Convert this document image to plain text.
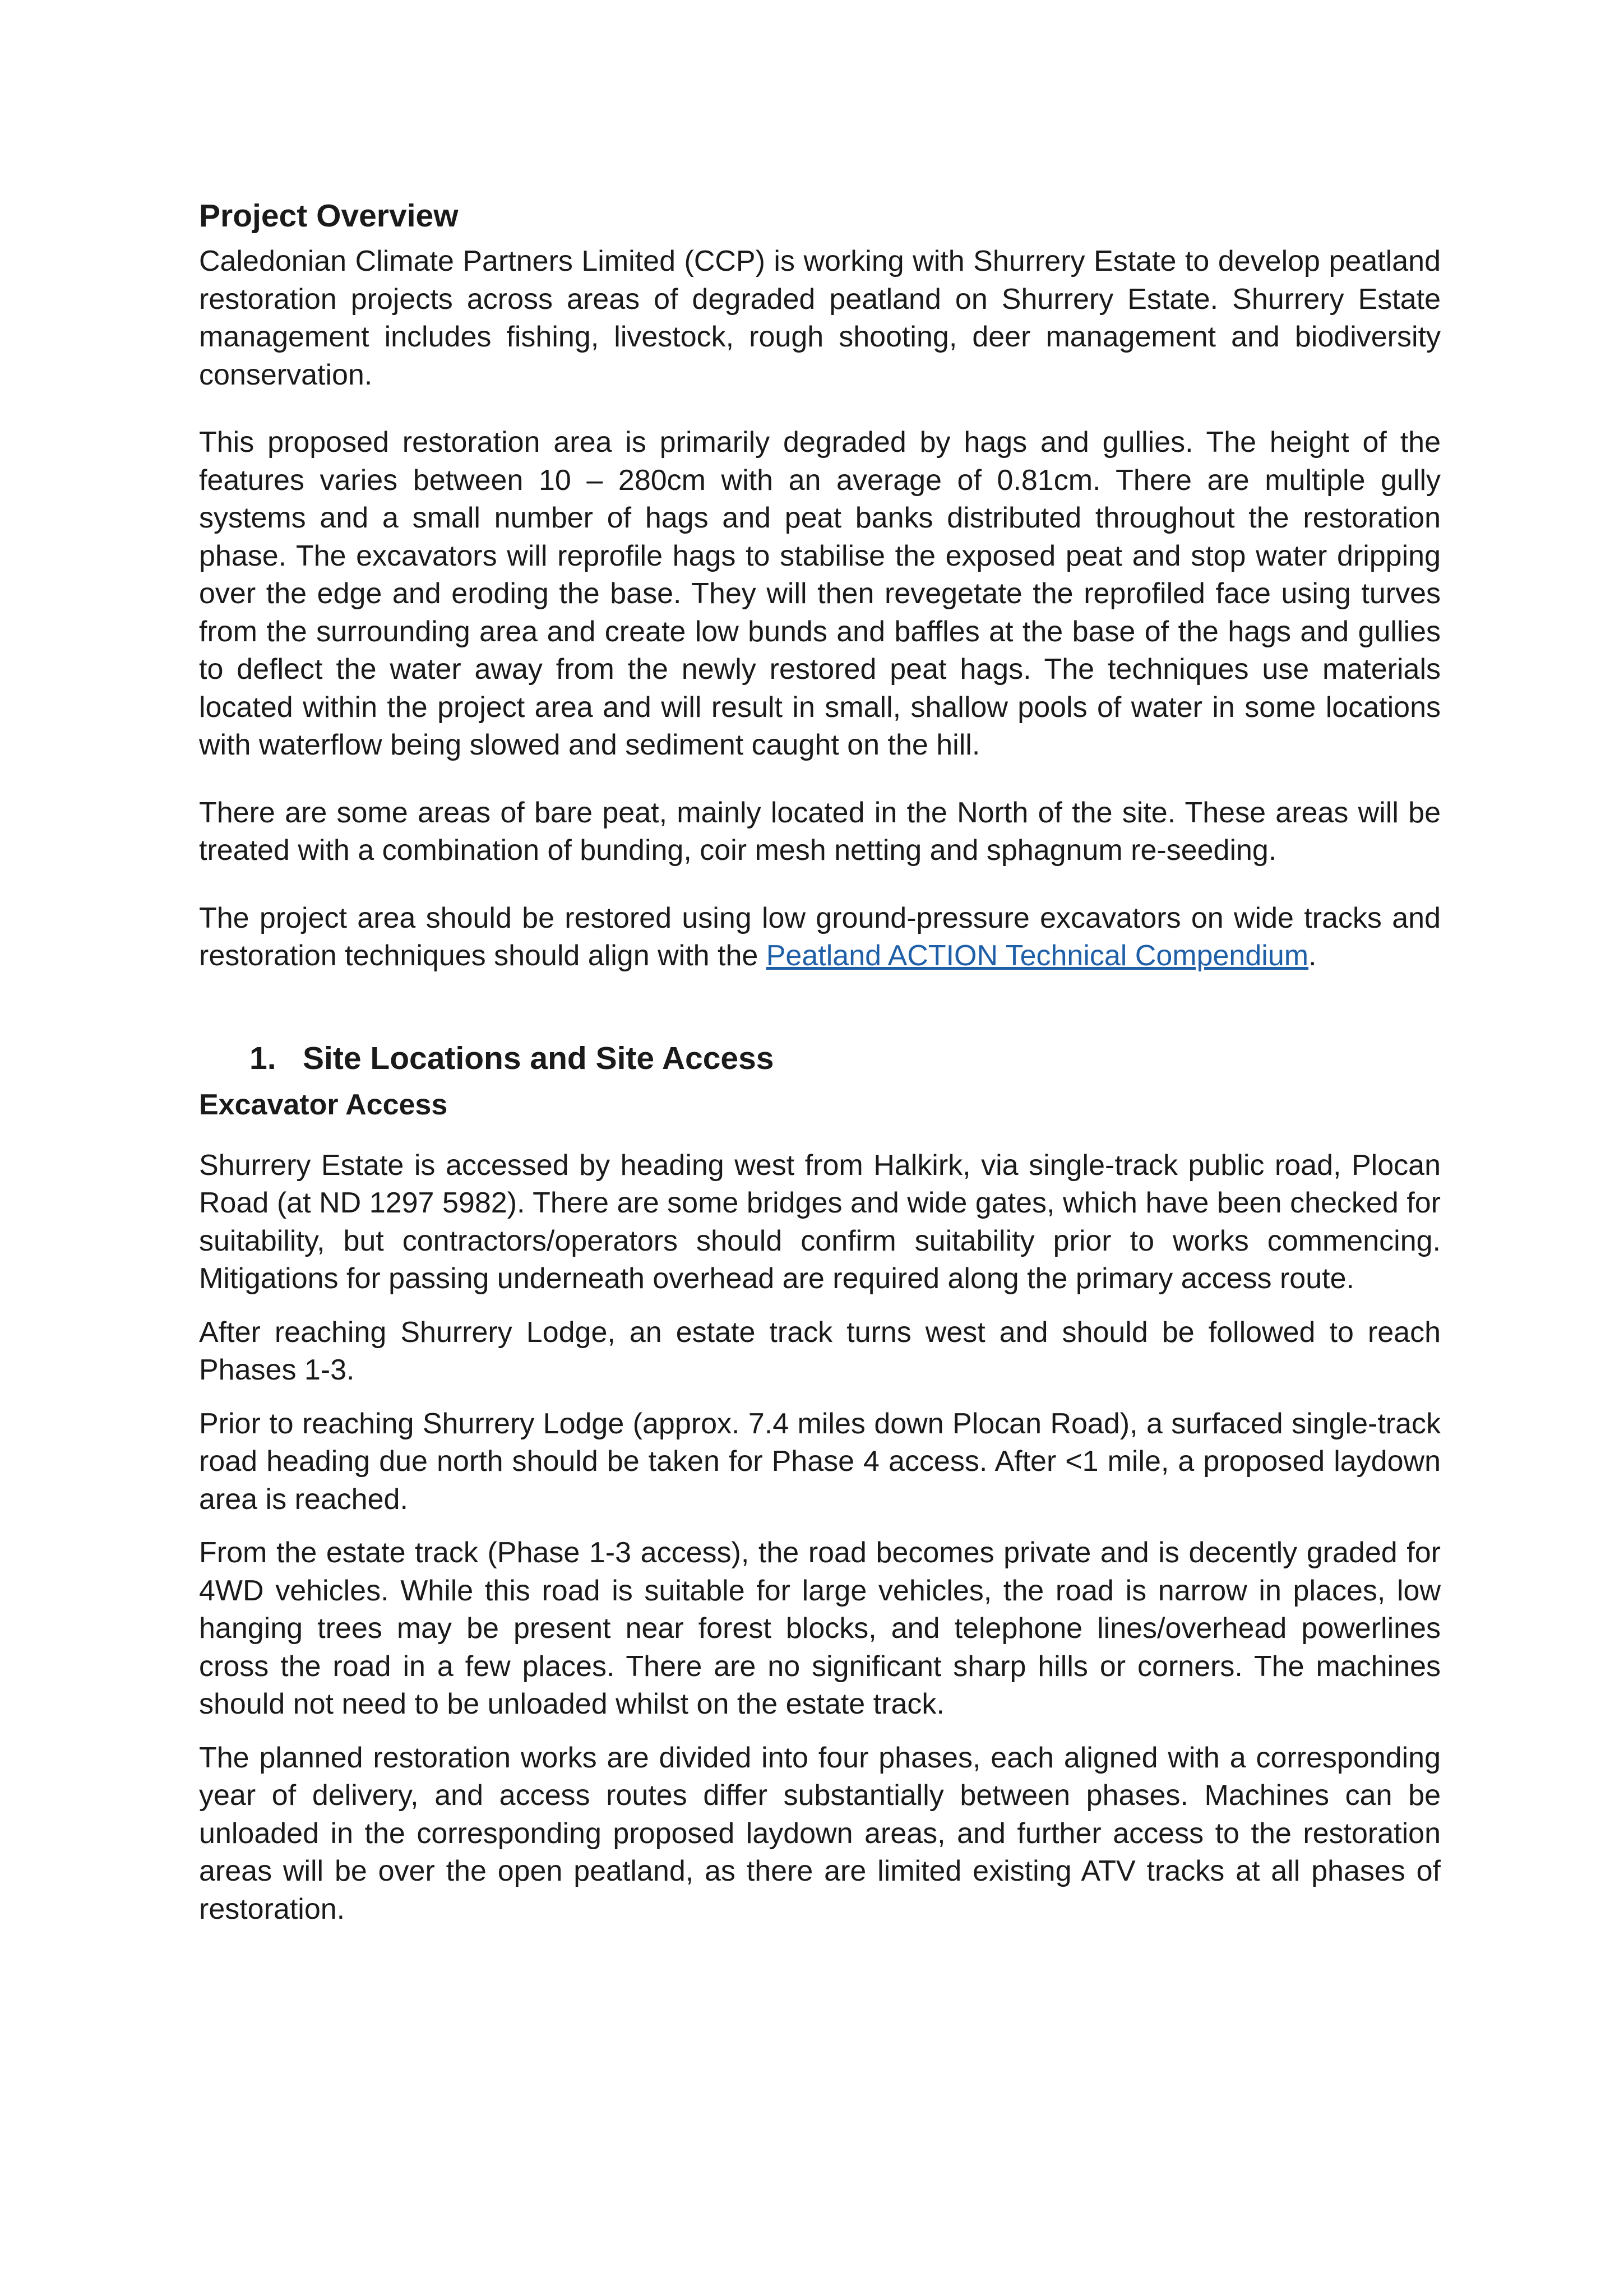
Project Overview

Caledonian Climate Partners Limited (CCP) is working with Shurrery Estate to develop peatland restoration projects across areas of degraded peatland on Shurrery Estate. Shurrery Estate management includes fishing, livestock, rough shooting, deer management and biodiversity conservation.

This proposed restoration area is primarily degraded by hags and gullies. The height of the features varies between 10 – 280cm with an average of 0.81cm. There are multiple gully systems and a small number of hags and peat banks distributed throughout the restoration phase. The excavators will reprofile hags to stabilise the exposed peat and stop water dripping over the edge and eroding the base. They will then revegetate the reprofiled face using turves from the surrounding area and create low bunds and baffles at the base of the hags and gullies to deflect the water away from the newly restored peat hags. The techniques use materials located within the project area and will result in small, shallow pools of water in some locations with waterflow being slowed and sediment caught on the hill.

There are some areas of bare peat, mainly located in the North of the site. These areas will be treated with a combination of bunding, coir mesh netting and sphagnum re-seeding.

The project area should be restored using low ground-pressure excavators on wide tracks and restoration techniques should align with the Peatland ACTION Technical Compendium.

1. Site Locations and Site Access
Excavator Access

Shurrery Estate is accessed by heading west from Halkirk, via single-track public road, Plocan Road (at ND 1297 5982). There are some bridges and wide gates, which have been checked for suitability, but contractors/operators should confirm suitability prior to works commencing. Mitigations for passing underneath overhead are required along the primary access route.

After reaching Shurrery Lodge, an estate track turns west and should be followed to reach Phases 1-3.

Prior to reaching Shurrery Lodge (approx. 7.4 miles down Plocan Road), a surfaced single-track road heading due north should be taken for Phase 4 access. After <1 mile, a proposed laydown area is reached.

From the estate track (Phase 1-3 access), the road becomes private and is decently graded for 4WD vehicles. While this road is suitable for large vehicles, the road is narrow in places, low hanging trees may be present near forest blocks, and telephone lines/overhead powerlines cross the road in a few places. There are no significant sharp hills or corners. The machines should not need to be unloaded whilst on the estate track.

The planned restoration works are divided into four phases, each aligned with a corresponding year of delivery, and access routes differ substantially between phases. Machines can be unloaded in the corresponding proposed laydown areas, and further access to the restoration areas will be over the open peatland, as there are limited existing ATV tracks at all phases of restoration.
